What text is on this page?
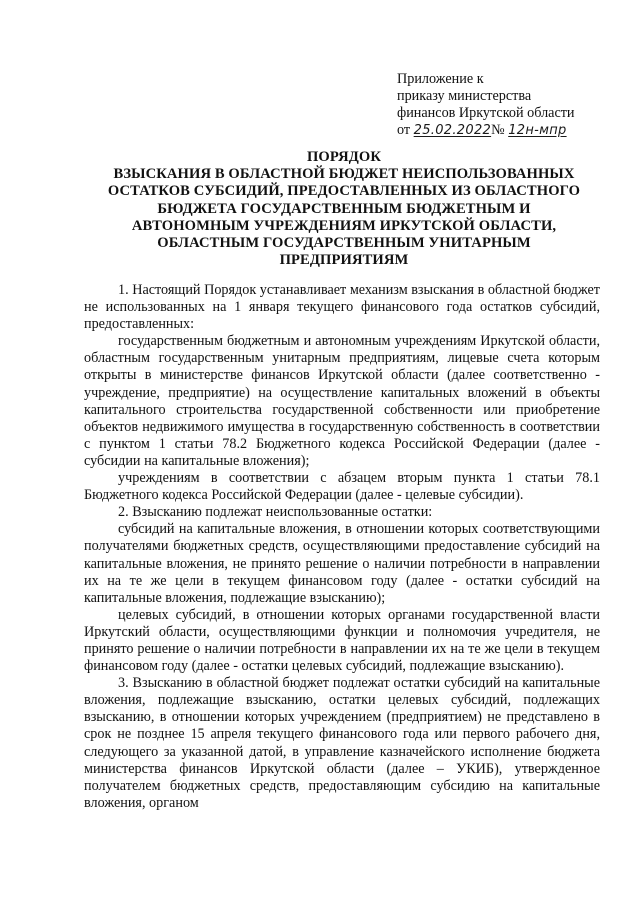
Приложение к
приказу министерства
финансов Иркутской области
от 25.02.2022№ 12н-мпр
ПОРЯДОК
ВЗЫСКАНИЯ В ОБЛАСТНОЙ БЮДЖЕТ НЕИСПОЛЬЗОВАННЫХ
ОСТАТКОВ СУБСИДИЙ, ПРЕДОСТАВЛЕННЫХ ИЗ ОБЛАСТНОГО
БЮДЖЕТА ГОСУДАРСТВЕННЫМ БЮДЖЕТНЫМ И
АВТОНОМНЫМ УЧРЕЖДЕНИЯМ ИРКУТСКОЙ ОБЛАСТИ,
ОБЛАСТНЫМ ГОСУДАРСТВЕННЫМ УНИТАРНЫМ
ПРЕДПРИЯТИЯМ

1. Настоящий Порядок устанавливает механизм взыскания в областной бюджет не использованных на 1 января текущего финансового года остатков субсидий, предоставленных:

государственным бюджетным и автономным учреждениям Иркутской области, областным государственным унитарным предприятиям, лицевые счета которым открыты в министерстве финансов Иркутской области (далее соответственно - учреждение, предприятие) на осуществление капитальных вложений в объекты капитального строительства государственной собственности или приобретение объектов недвижимого имущества в государственную собственность в соответствии с пунктом 1 статьи 78.2 Бюджетного кодекса Российской Федерации (далее - субсидии на капитальные вложения);

учреждениям в соответствии с абзацем вторым пункта 1 статьи 78.1 Бюджетного кодекса Российской Федерации (далее - целевые субсидии).

2. Взысканию подлежат неиспользованные остатки:

субсидий на капитальные вложения, в отношении которых соответствующими получателями бюджетных средств, осуществляющими предоставление субсидий на капитальные вложения, не принято решение о наличии потребности в направлении их на те же цели в текущем финансовом году (далее - остатки субсидий на капитальные вложения, подлежащие взысканию);

целевых субсидий, в отношении которых органами государственной власти Иркутский области, осуществляющими функции и полномочия учредителя, не принято решение о наличии потребности в направлении их на те же цели в текущем финансовом году (далее - остатки целевых субсидий, подлежащие взысканию).

3. Взысканию в областной бюджет подлежат остатки субсидий на капитальные вложения, подлежащие взысканию, остатки целевых субсидий, подлежащих взысканию, в отношении которых учреждением (предприятием) не представлено в срок не позднее 15 апреля текущего финансового года или первого рабочего дня, следующего за указанной датой, в управление казначейского исполнение бюджета министерства финансов Иркутской области (далее – УКИБ), утвержденное получателем бюджетных средств, предоставляющим субсидию на капитальные вложения, органом
